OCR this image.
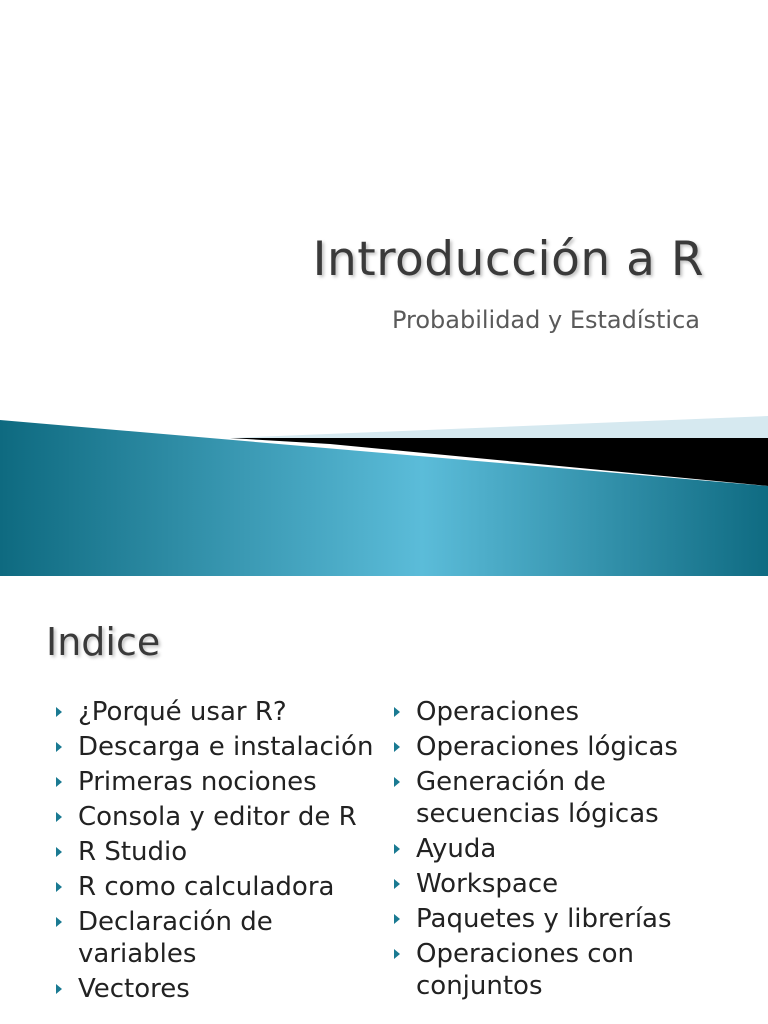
Introducción a R
Probabilidad y Estadística
Indice
¿Porqué usar R?
Descarga e instalación
Primeras nociones
Consola y editor de R
R Studio
R como calculadora
Declaración de variables
Vectores
Operaciones
Operaciones lógicas
Generación de secuencias lógicas
Ayuda
Workspace
Paquetes y librerías
Operaciones con conjuntos
